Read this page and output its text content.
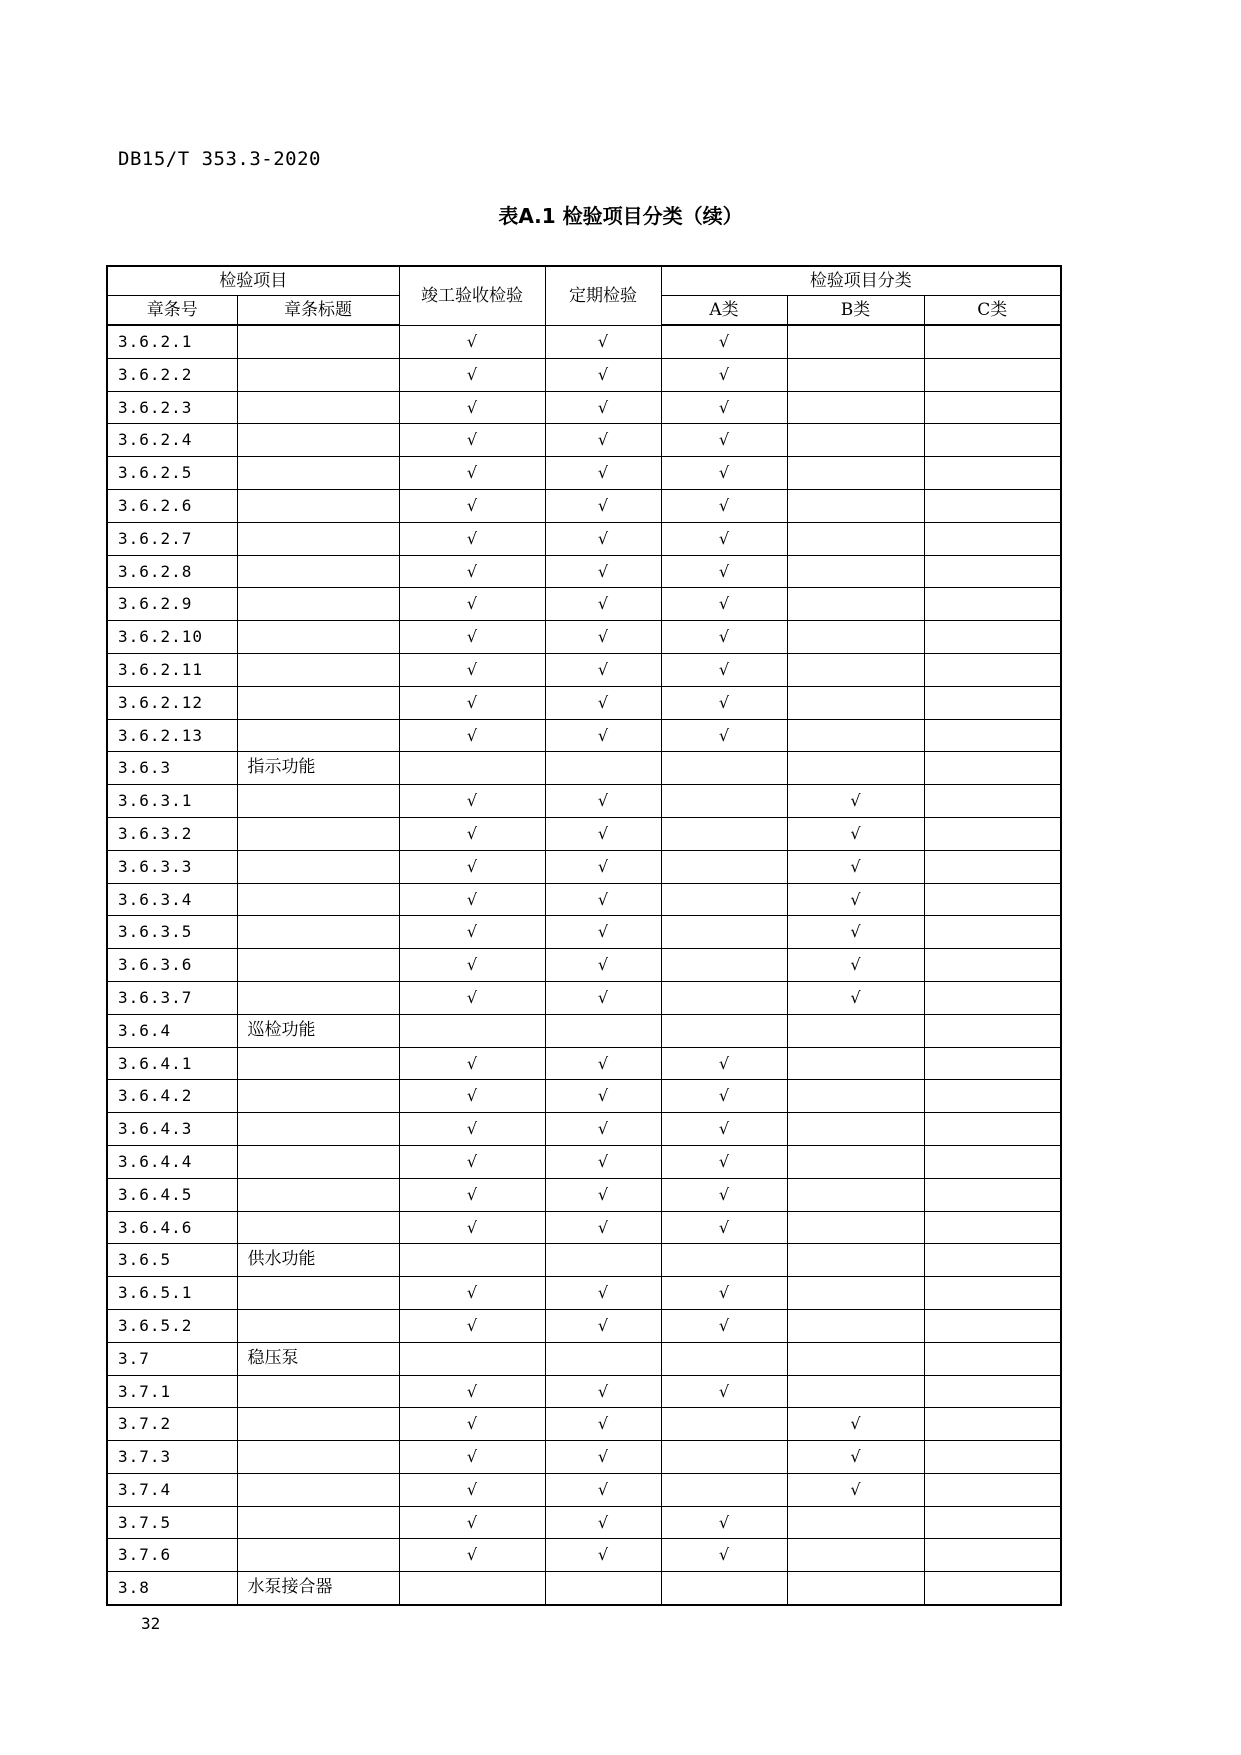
DB15/T 353.3-2020
表A.1 检验项目分类（续）
检验项目		竣工验收检验	定期检验	检验项目分类		
章条号	章条标题			A类	B类	C类
3.6.2.1		√	√	√		
3.6.2.2		√	√	√		
3.6.2.3		√	√	√		
3.6.2.4		√	√	√		
3.6.2.5		√	√	√		
3.6.2.6		√	√	√		
3.6.2.7		√	√	√		
3.6.2.8		√	√	√		
3.6.2.9		√	√	√		
3.6.2.10		√	√	√		
3.6.2.11		√	√	√		
3.6.2.12		√	√	√		
3.6.2.13		√	√	√		
3.6.3	指示功能					
3.6.3.1		√	√		√	
3.6.3.2		√	√		√	
3.6.3.3		√	√		√	
3.6.3.4		√	√		√	
3.6.3.5		√	√		√	
3.6.3.6		√	√		√	
3.6.3.7		√	√		√	
3.6.4	巡检功能					
3.6.4.1		√	√	√		
3.6.4.2		√	√	√		
3.6.4.3		√	√	√		
3.6.4.4		√	√	√		
3.6.4.5		√	√	√		
3.6.4.6		√	√	√		
3.6.5	供水功能					
3.6.5.1		√	√	√		
3.6.5.2		√	√	√		
3.7	稳压泵					
3.7.1		√	√	√		
3.7.2		√	√		√	
3.7.3		√	√		√	
3.7.4		√	√		√	
3.7.5		√	√	√		
3.7.6		√	√	√		
3.8	水泵接合器					
32
